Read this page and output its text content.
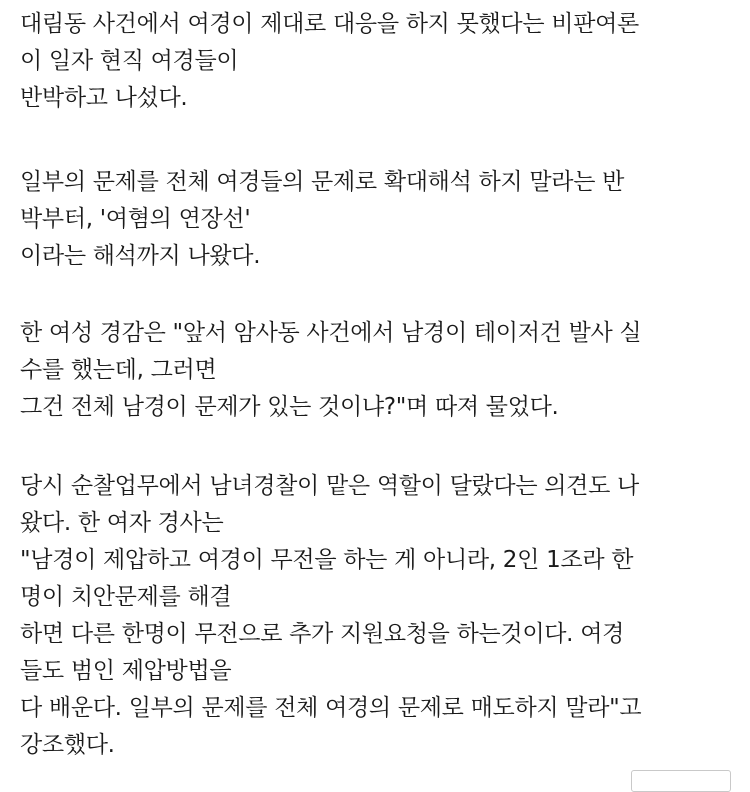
대림동 사건에서 여경이 제대로 대응을 하지 못했다는 비판여론
이 일자 현직 여경들이
반박하고 나섰다.
일부의 문제를 전체 여경들의 문제로 확대해석 하지 말라는 반
박부터, '여혐의 연장선'
이라는 해석까지 나왔다.
한 여성 경감은 "앞서 암사동 사건에서 남경이 테이저건 발사 실
수를 했는데, 그러면
그건 전체 남경이 문제가 있는 것이냐?"며 따져 물었다.
당시 순찰업무에서 남녀경찰이 맡은 역할이 달랐다는 의견도 나
왔다. 한 여자 경사는
"남경이 제압하고 여경이 무전을 하는 게 아니라, 2인 1조라 한
명이 치안문제를 해결
하면 다른 한명이 무전으로 추가 지원요청을 하는것이다. 여경
들도 범인 제압방법을
다 배운다. 일부의 문제를 전체 여경의 문제로 매도하지 말라"고
강조했다.
